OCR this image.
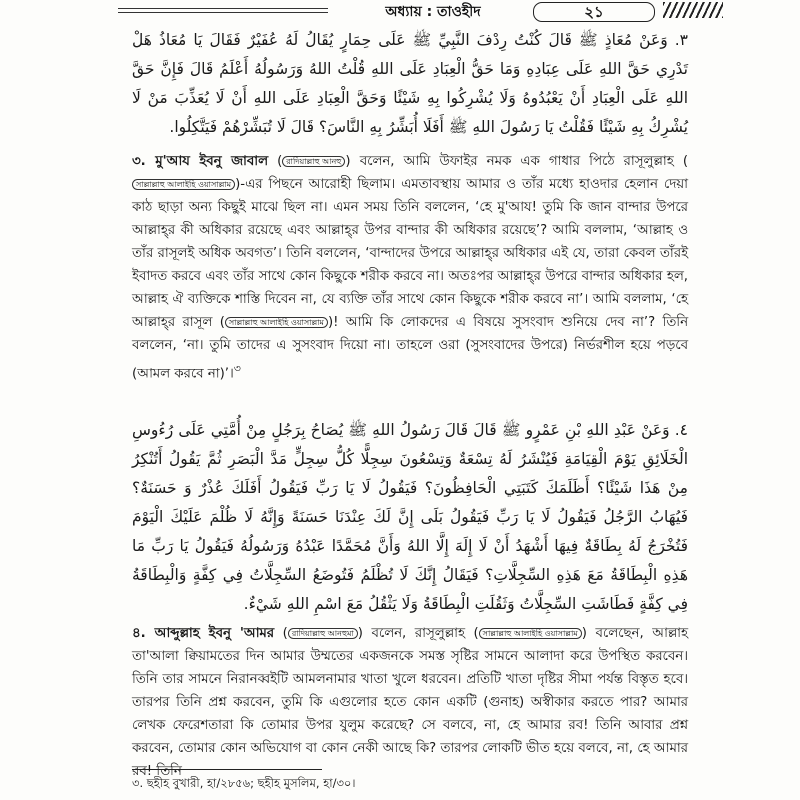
অধ্যায় : তাওহীদ	২১
٣. وَعَنْ مُعَاذٍ ﷺ قَالَ كُنْتُ رِدْفَ النَّبِيِّ ﷺ عَلَى حِمَارٍ يُقَالُ لَهُ عُفَيْرٌ فَقَالَ يَا مُعَاذُ هَلْ تَدْرِي حَقَّ اللهِ عَلَى عِبَادِهِ وَمَا حَقُّ الْعِبَادِ عَلَى اللهِ قُلْتُ اللهُ وَرَسُولُهُ أَعْلَمُ قَالَ فَإِنَّ حَقَّ اللهِ عَلَى الْعِبَادِ أَنْ يَعْبُدُوهُ وَلَا يُشْرِكُوا بِهِ شَيْئًا وَحَقَّ الْعِبَادِ عَلَى اللهِ أَنْ لَا يُعَذِّبَ مَنْ لَا يُشْرِكُ بِهِ شَيْئًا فَقُلْتُ يَا رَسُولَ اللهِ ﷺ أَفَلَا أُبَشِّرُ بِهِ النَّاسَ؟ قَالَ لَا تُبَشِّرْهُمْ فَيَتَّكِلُوا.
৩. মু'আয ইবনু জাবাল ( রাদিয়াল্লাহু আনহু ) বলেন, আমি উফাইর নমক এক গাধার পিঠে রাসূলুল্লাহ (সাল্লাল্লাহু আলাইহি ওয়াসাল্লাম )-এর পিছনে আরোহী ছিলাম। এমতাবস্থায় আমার ও তাঁর মধ্যে হাওদার হেলান দেয়া কাঠ ছাড়া অন্য কিছুই মাঝে ছিল না। এমন সময় তিনি বললেন, ‘হে মু'আয! তুমি কি জান বান্দার উপরে আল্লাহ্‌র কী অধিকার রয়েছে এবং আল্লাহ্‌র উপর বান্দার কী অধিকার রয়েছে’? আমি বললাম, ‘আল্লাহ ও তাঁর রাসূলই অধিক অবগত’। তিনি বললেন, ‘বান্দাদের উপরে আল্লাহ্‌র অধিকার এই যে, তারা কেবল তাঁরই ইবাদত করবে এবং তাঁর সাথে কোন কিছুকে শরীক করবে না। অতঃপর আল্লাহ্‌র উপরে বান্দার অধিকার হল, আল্লাহ ঐ ব্যক্তিকে শাস্তি দিবেন না, যে ব্যক্তি তাঁর সাথে কোন কিছুকে শরীক করবে না’। আমি বললাম, ‘হে আল্লাহ্‌র রাসূল ( সাল্লাল্লাহু আলাইহি ওয়াসাল্লাম )! আমি কি লোকদের এ বিষয়ে সুসংবাদ শুনিয়ে দেব না’? তিনি বললেন, ‘না। তুমি তাদের এ সুসংবাদ দিয়ো না। তাহলে ওরা (সুসংবাদের উপরে) নির্ভরশীল হয়ে পড়বে (আমল করবে না)’।$^৩$
٤. وَعَنْ عَبْدِ اللهِ بْنِ عَمْرٍو ﷺ قَالَ قَالَ رَسُولُ اللهِ ﷺ يُصَاحُ بِرَجُلٍ مِنْ أُمَّتِي عَلَى رُءُوسِ الْخَلَائِقِ يَوْمَ الْقِيَامَةِ فَيُنْشَرُ لَهُ تِسْعَةٌ وَتِسْعُونَ سِجِلًّا كُلُّ سِجِلٍّ مَدَّ الْبَصَرِ ثُمَّ يَقُولُ أَتُنْكِرُ مِنْ هَذَا شَيْئًا؟ أَظَلَمَكَ كَتَبَتِي الْحَافِظُونَ؟ فَيَقُولُ لَا يَا رَبِّ فَيَقُولُ أَفَلَكَ عُذْرٌ وَ حَسَنَةٌ؟ فَيُهَابُ الرَّجُلُ فَيَقُولُ لَا يَا رَبِّ فَيَقُولُ بَلَى إِنَّ لَكَ عِنْدَنَا حَسَنَةً وَإِنَّهُ لَا ظُلْمَ عَلَيْكَ الْيَوْمَ فَتُخْرَجُ لَهُ بِطَاقَةٌ فِيهَا أَشْهَدُ أَنْ لَا إِلَهَ إِلَّا اللهُ وَأَنَّ مُحَمَّدًا عَبْدُهُ وَرَسُولُهُ فَيَقُولُ يَا رَبِّ مَا هَذِهِ الْبِطَاقَةُ مَعَ هَذِهِ السِّجِلَّاتِ؟ فَيَقَالُ إِنَّكَ لَا تُظْلَمُ فَتُوضَعُ السِّجِلَّاتُ فِي كِفَّةٍ وَالْبِطَاقَةُ فِي كِفَّةٍ فَطَاشَتِ السِّجِلَّاتُ وَثَقُلَتِ الْبِطَاقَةُ وَلَا يَثْقُلُ مَعَ اسْمِ اللهِ شَيْءٌ.
৪. আব্দুল্লাহ ইবনু 'আমর ( রাদিয়াল্লাহু আনহুমা ) বলেন, রাসূলুল্লাহ ( সাল্লাল্লাহু আলাইহি ওয়াসাল্লাম ) বলেছেন, আল্লাহ তা'আলা ক্বিয়ামতের দিন আমার উম্মতের একজনকে সমস্ত সৃষ্টির সামনে আলাদা করে উপস্থিত করবেন। তিনি তার সামনে নিরানব্বইটি আমলনামার খাতা খুলে ধরবেন। প্রতিটি খাতা দৃষ্টির সীমা পর্যন্ত বিস্তৃত হবে। তারপর তিনি প্রশ্ন করবেন, তুমি কি এগুলোর হতে কোন একটি (গুনাহ) অস্বীকার করতে পার? আমার লেখক ফেরেশতারা কি তোমার উপর যুলুম করেছে? সে বলবে, না, হে আমার রব! তিনি আবার প্রশ্ন করবেন, তোমার কোন অভিযোগ বা কোন নেকী আছে কি? তারপর লোকটি ভীত হয়ে বলবে, না, হে আমার রব! তিনি
৩. ছহীহ বুখারী, হা/২৮৫৬; ছহীহ মুসলিম, হা/৩০।
